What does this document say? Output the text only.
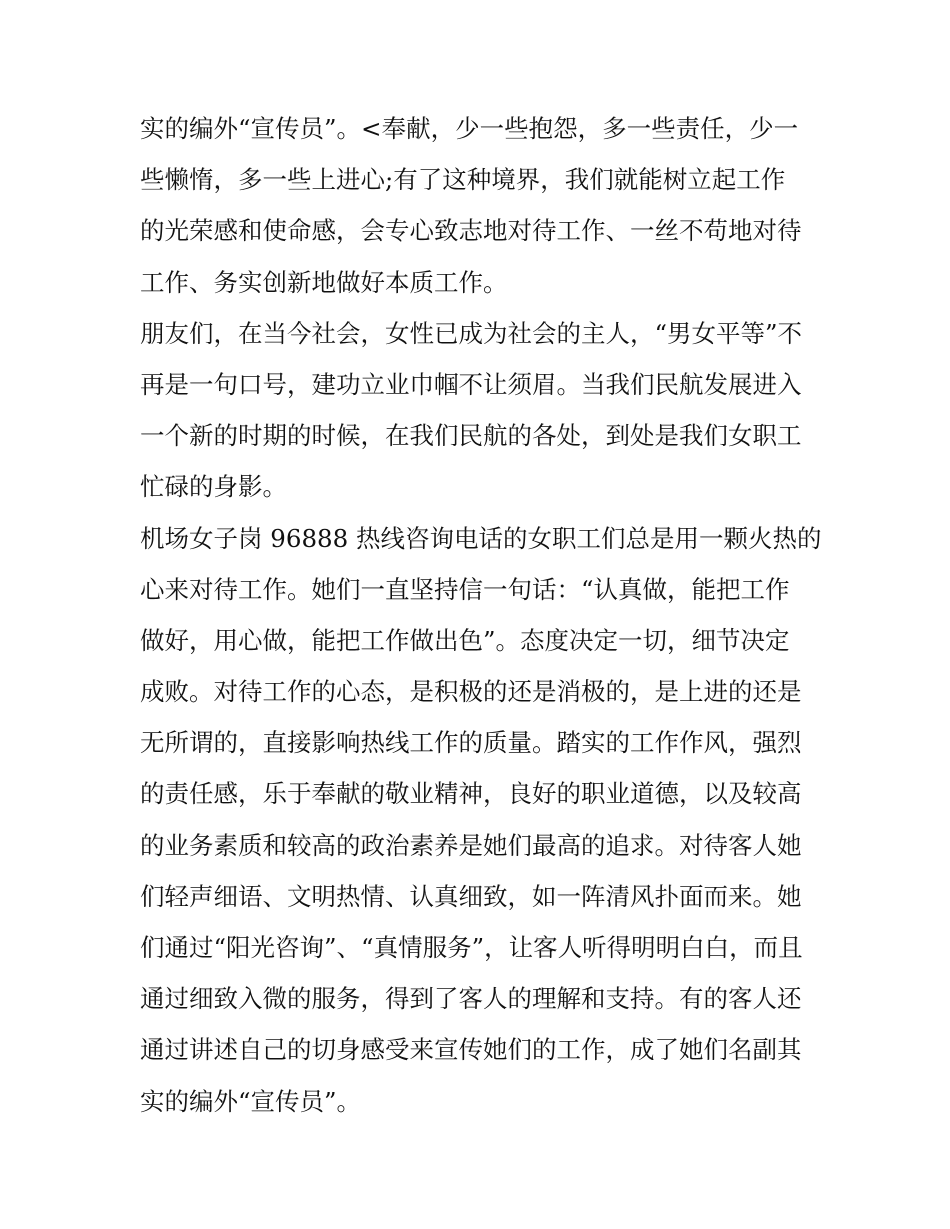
实的编外“宣传员”。<奉献，少一些抱怨，多一些责任，少一
些懒惰，多一些上进心;有了这种境界，我们就能树立起工作
的光荣感和使命感，会专心致志地对待工作、一丝不苟地对待
工作、务实创新地做好本质工作。
朋友们，在当今社会，女性已成为社会的主人，“男女平等”不
再是一句口号，建功立业巾帼不让须眉。当我们民航发展进入
一个新的时期的时候，在我们民航的各处，到处是我们女职工
忙碌的身影。
机场女子岗 96888 热线咨询电话的女职工们总是用一颗火热的
心来对待工作。她们一直坚持信一句话：“认真做，能把工作
做好，用心做，能把工作做出色”。态度决定一切，细节决定
成败。对待工作的心态，是积极的还是消极的，是上进的还是
无所谓的，直接影响热线工作的质量。踏实的工作作风，强烈
的责任感，乐于奉献的敬业精神，良好的职业道德，以及较高
的业务素质和较高的政治素养是她们最高的追求。对待客人她
们轻声细语、文明热情、认真细致，如一阵清风扑面而来。她
们通过“阳光咨询”、“真情服务”，让客人听得明明白白，而且
通过细致入微的服务，得到了客人的理解和支持。有的客人还
通过讲述自己的切身感受来宣传她们的工作，成了她们名副其
实的编外“宣传员”。
